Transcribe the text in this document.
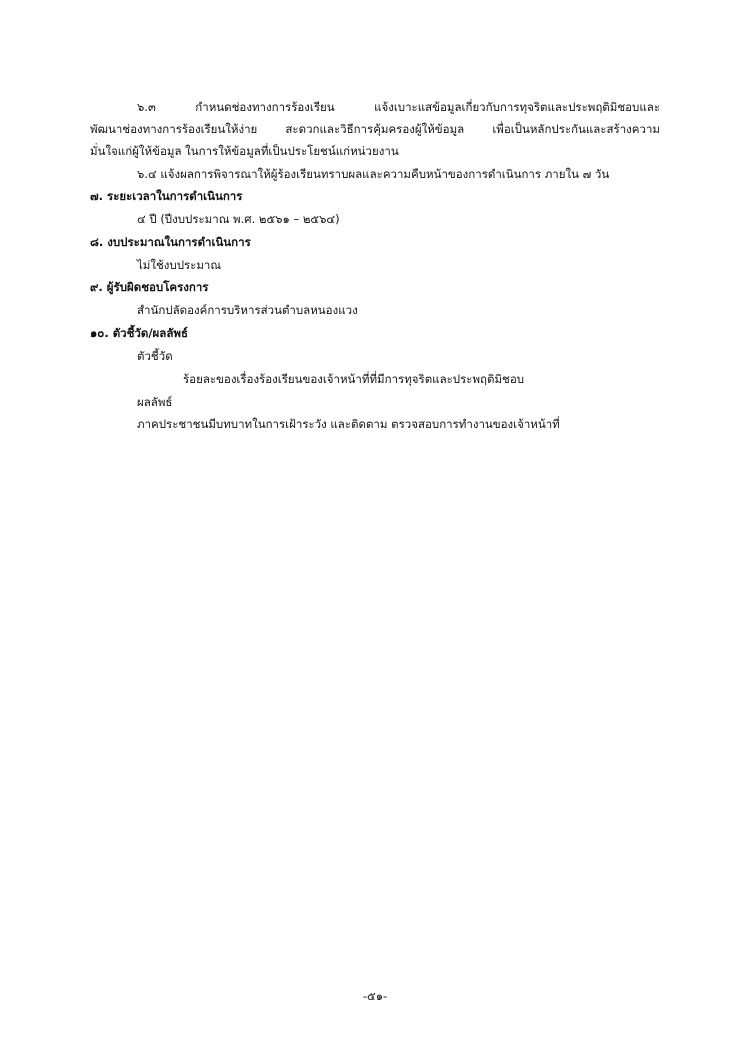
๖.๓ กำหนดช่องทางการร้องเรียน แจ้งเบาะแสข้อมูลเกี่ยวกับการทุจริตและประพฤติมิชอบและ
พัฒนาช่องทางการร้องเรียนให้ง่าย สะดวกและวิธีการคุ้มครองผู้ให้ข้อมูล เพื่อเป็นหลักประกันและสร้างความ
มั่นใจแก่ผู้ให้ข้อมูล ในการให้ข้อมูลที่เป็นประโยชน์แก่หน่วยงาน
๖.๔ แจ้งผลการพิจารณาให้ผู้ร้องเรียนทราบผลและความคืบหน้าของการดำเนินการ ภายใน ๗ วัน
๗. ระยะเวลาในการดำเนินการ
๔ ปี (ปีงบประมาณ พ.ศ. ๒๕๖๑ – ๒๕๖๔)
๘. งบประมาณในการดำเนินการ
ไม่ใช้งบประมาณ
๙. ผู้รับผิดชอบโครงการ
สำนักปลัดองค์การบริหารส่วนตำบลหนองแวง
๑๐. ตัวชี้วัด/ผลลัพธ์
ตัวชี้วัด
ร้อยละของเรื่องร้องเรียนของเจ้าหน้าที่ที่มีการทุจริตและประพฤติมิชอบ
ผลลัพธ์
ภาคประชาชนมีบทบาทในการเฝ้าระวัง และติดตาม ตรวจสอบการทำงานของเจ้าหน้าที่
-๕๑-
